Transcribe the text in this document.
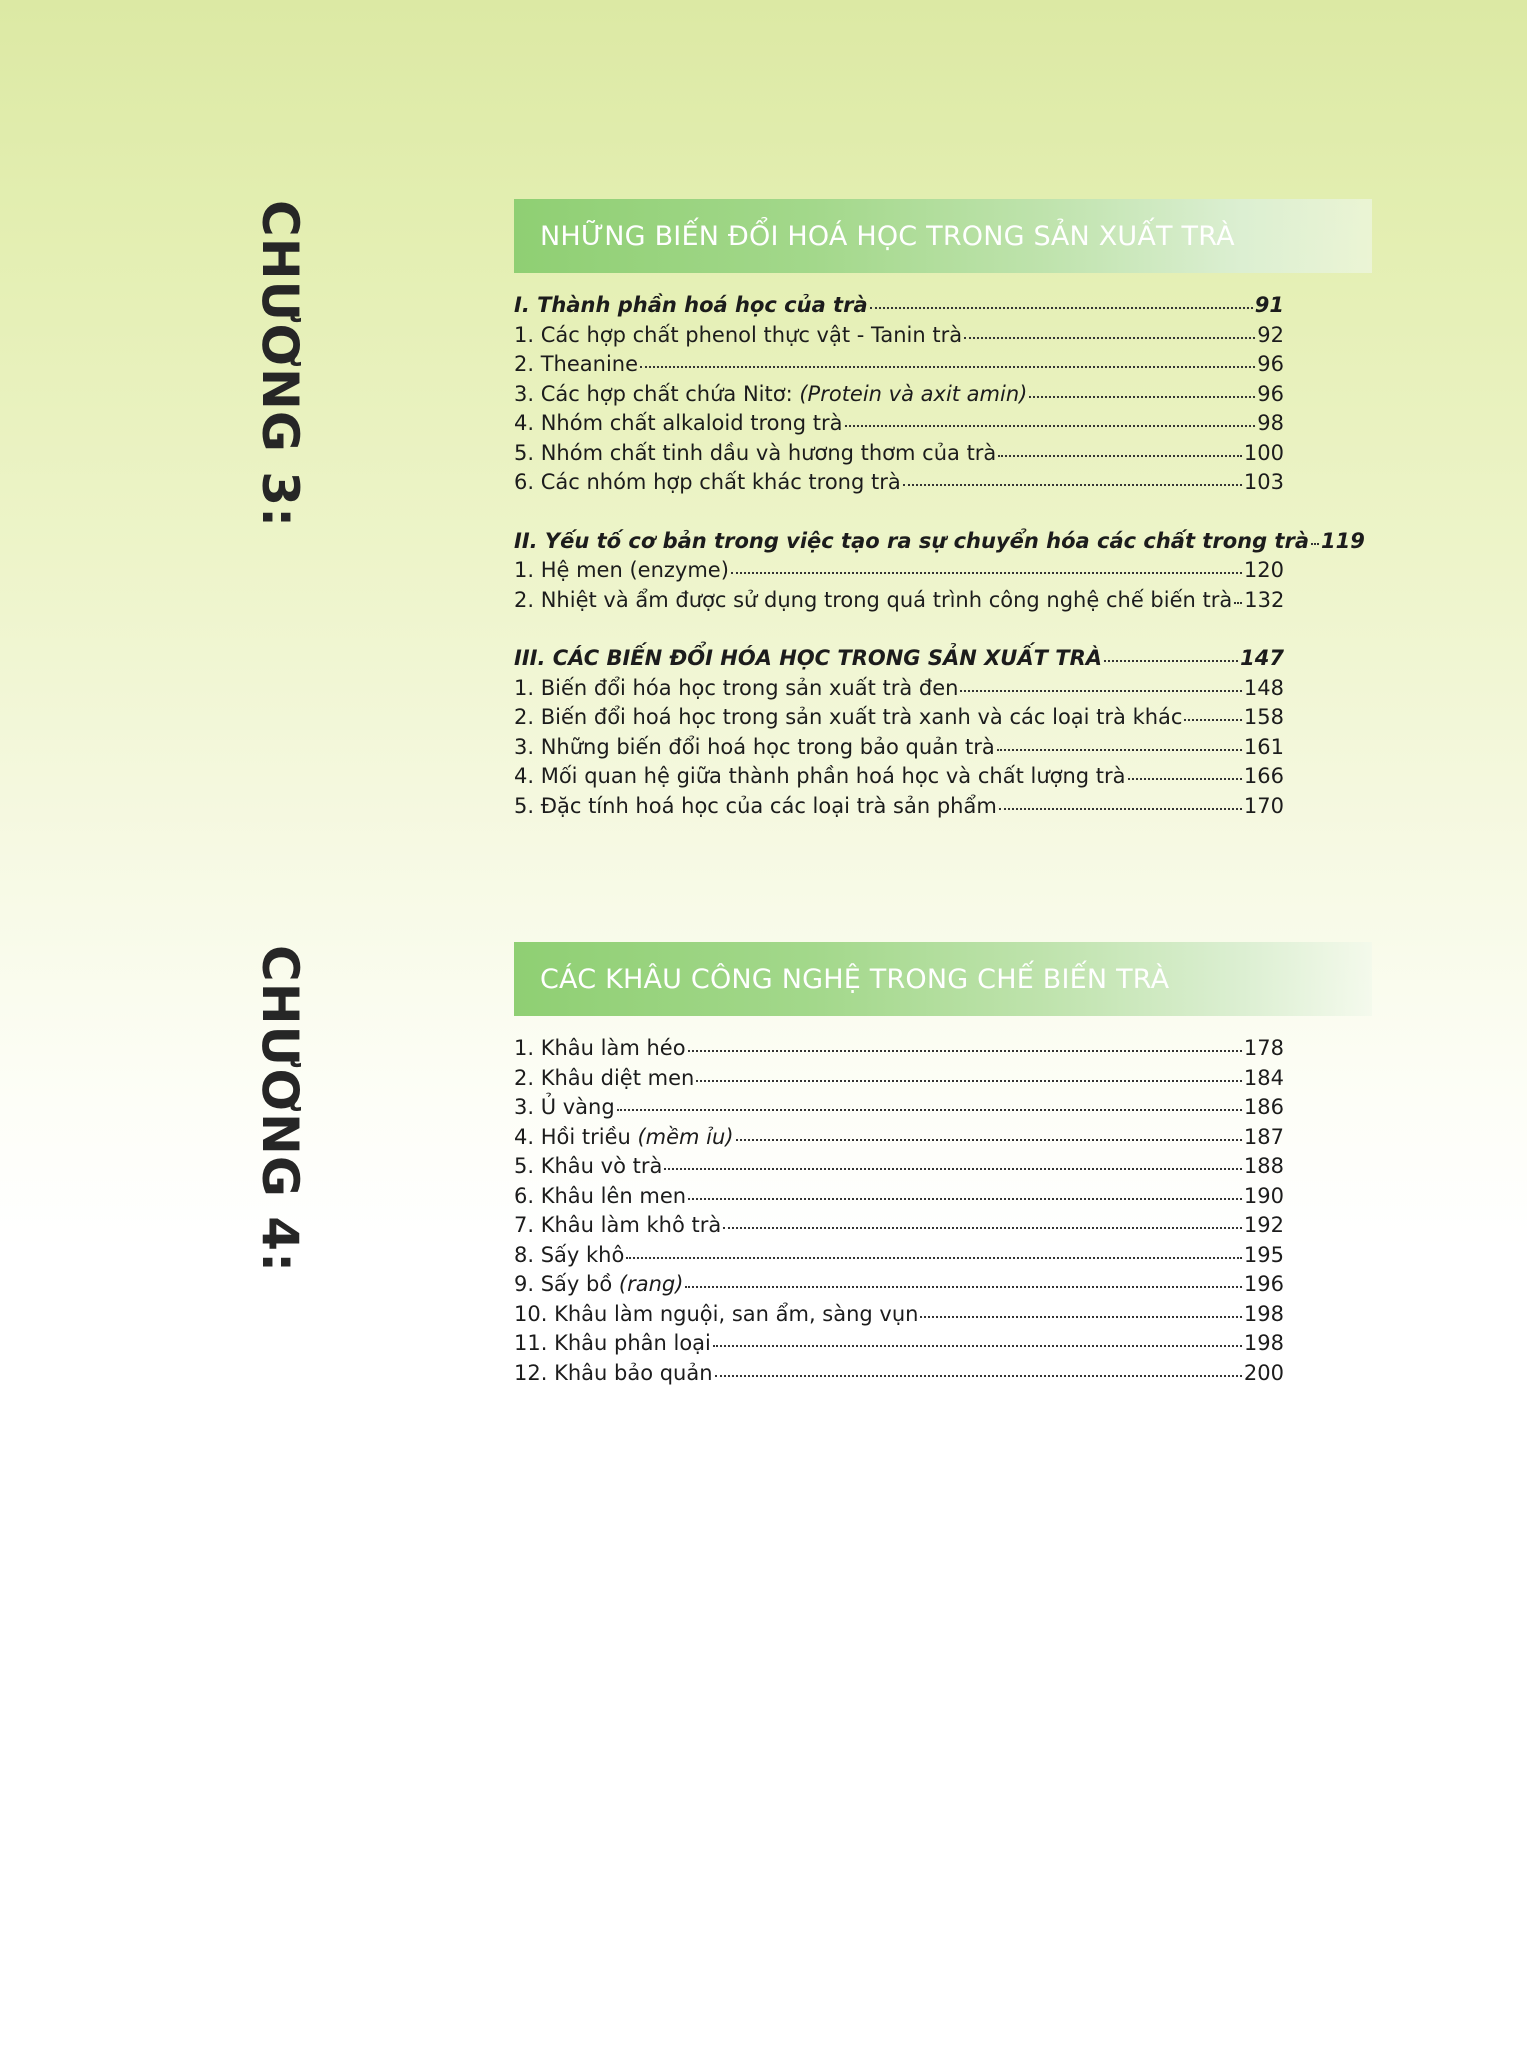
CHƯƠNG 3:	NHỮNG BIẾN ĐỔI HOÁ HỌC TRONG SẢN XUẤT TRÀ
I. Thành phần hoá học của trà	91
1. Các hợp chất phenol thực vật - Tanin trà	92
2. Theanine	96
3. Các hợp chất chứa Nitơ: (Protein và axit amin)	96
4. Nhóm chất alkaloid trong trà	98
5. Nhóm chất tinh dầu và hương thơm của trà	100
6. Các nhóm hợp chất khác trong trà	103
II. Yếu tố cơ bản trong việc tạo ra sự chuyển hóa các chất trong trà 119
1. Hệ men (enzyme)	120
2. Nhiệt và ẩm được sử dụng trong quá trình công nghệ chế biến trà 132
III. CÁC BIẾN ĐỔI HÓA HỌC TRONG SẢN XUẤT TRÀ	147
1. Biến đổi hóa học trong sản xuất trà đen	148
2. Biến đổi hoá học trong sản xuất trà xanh và các loại trà khác	158
3. Những biến đổi hoá học trong bảo quản trà	161
4. Mối quan hệ giữa thành phần hoá học và chất lượng trà	166
5. Đặc tính hoá học của các loại trà sản phẩm	170
CHƯƠNG 4:	CÁC KHÂU CÔNG NGHỆ TRONG CHẾ BIẾN TRÀ
1. Khâu làm héo	178
2. Khâu diệt men	184
3. Ủ vàng	186
4. Hồi triều (mềm ỉu)	187
5. Khâu vò trà	188
6. Khâu lên men	190
7. Khâu làm khô trà	192
8. Sấy khô	195
9. Sấy bồ (rang)	196
10. Khâu làm nguội, san ẩm, sàng vụn	198
11. Khâu phân loại	198
12. Khâu bảo quản	200
